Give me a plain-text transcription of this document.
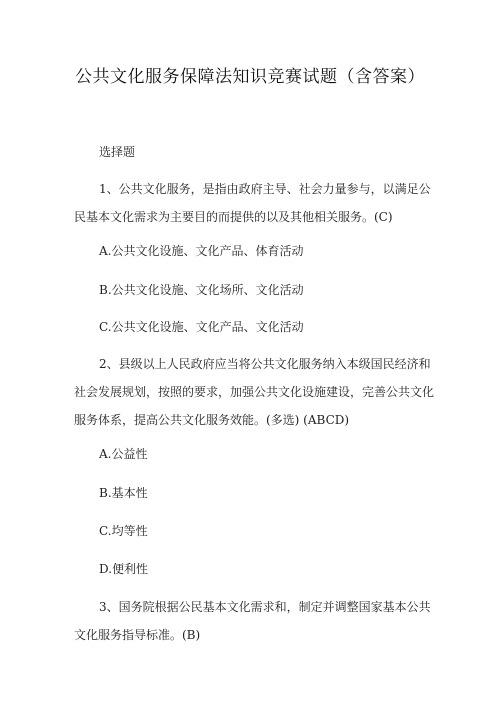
公共文化服务保障法知识竞赛试题（含答案）
选择题
1、公共文化服务，是指由政府主导、社会力量参与，以满足公民基本文化需求为主要目的而提供的以及其他相关服务。(C)
A.公共文化设施、文化产品、体育活动
B.公共文化设施、文化场所、文化活动
C.公共文化设施、文化产品、文化活动
2、县级以上人民政府应当将公共文化服务纳入本级国民经济和社会发展规划，按照的要求，加强公共文化设施建设，完善公共文化服务体系，提高公共文化服务效能。(多选) (ABCD)
A.公益性
B.基本性
C.均等性
D.便利性
3、国务院根据公民基本文化需求和，制定并调整国家基本公共文化服务指导标准。(B)
